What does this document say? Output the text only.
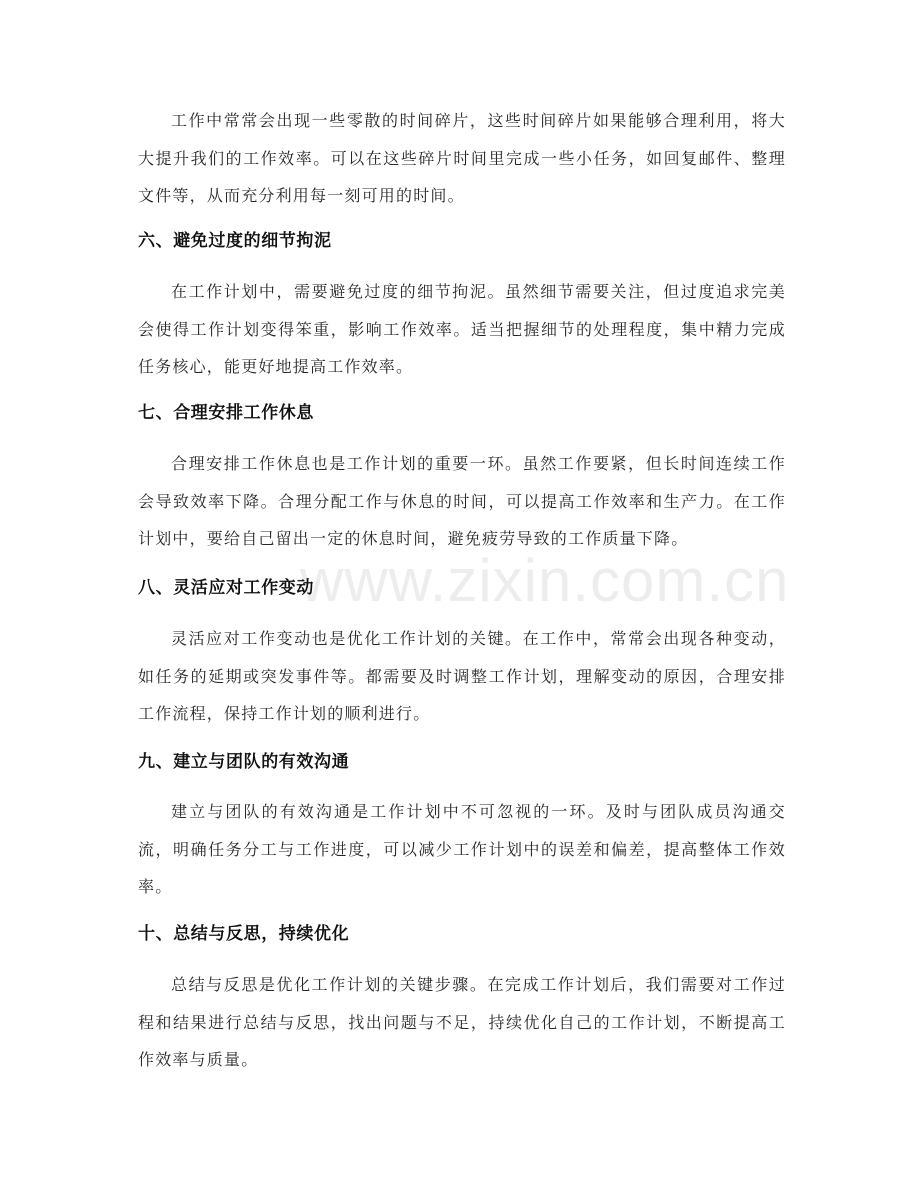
工作中常常会出现一些零散的时间碎片，这些时间碎片如果能够合理利用，将大大提升我们的工作效率。可以在这些碎片时间里完成一些小任务，如回复邮件、整理文件等，从而充分利用每一刻可用的时间。

六、避免过度的细节拘泥

在工作计划中，需要避免过度的细节拘泥。虽然细节需要关注，但过度追求完美会使得工作计划变得笨重，影响工作效率。适当把握细节的处理程度，集中精力完成任务核心，能更好地提高工作效率。

七、合理安排工作休息

合理安排工作休息也是工作计划的重要一环。虽然工作要紧，但长时间连续工作会导致效率下降。合理分配工作与休息的时间，可以提高工作效率和生产力。在工作计划中，要给自己留出一定的休息时间，避免疲劳导致的工作质量下降。

八、灵活应对工作变动

灵活应对工作变动也是优化工作计划的关键。在工作中，常常会出现各种变动，如任务的延期或突发事件等。都需要及时调整工作计划，理解变动的原因，合理安排工作流程，保持工作计划的顺利进行。

九、建立与团队的有效沟通

建立与团队的有效沟通是工作计划中不可忽视的一环。及时与团队成员沟通交流，明确任务分工与工作进度，可以减少工作计划中的误差和偏差，提高整体工作效率。

十、总结与反思，持续优化

总结与反思是优化工作计划的关键步骤。在完成工作计划后，我们需要对工作过程和结果进行总结与反思，找出问题与不足，持续优化自己的工作计划，不断提高工作效率与质量。

www.zixin.com.cn
